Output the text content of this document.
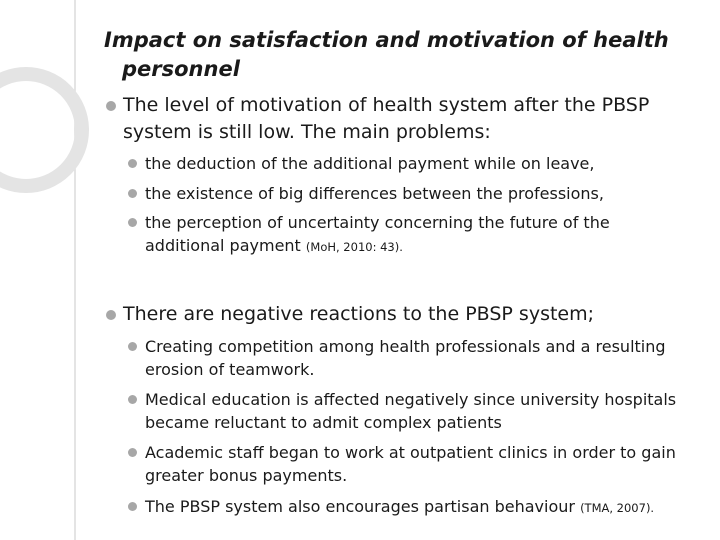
Impact on satisfaction and motivation of health personnel
The level of motivation of health system after the PBSP system is still low. The main problems:
the deduction of the additional payment while on leave,
the existence of big differences between the professions,
the perception of uncertainty concerning the future of the additional payment (MoH, 2010: 43).
There are negative reactions to the PBSP system;
Creating competition among health professionals and a resulting erosion of teamwork.
Medical education is affected negatively since university hospitals became reluctant to admit complex patients
Academic staff began to work at outpatient clinics in order to gain greater bonus payments.
The PBSP system also encourages partisan behaviour (TMA, 2007).
